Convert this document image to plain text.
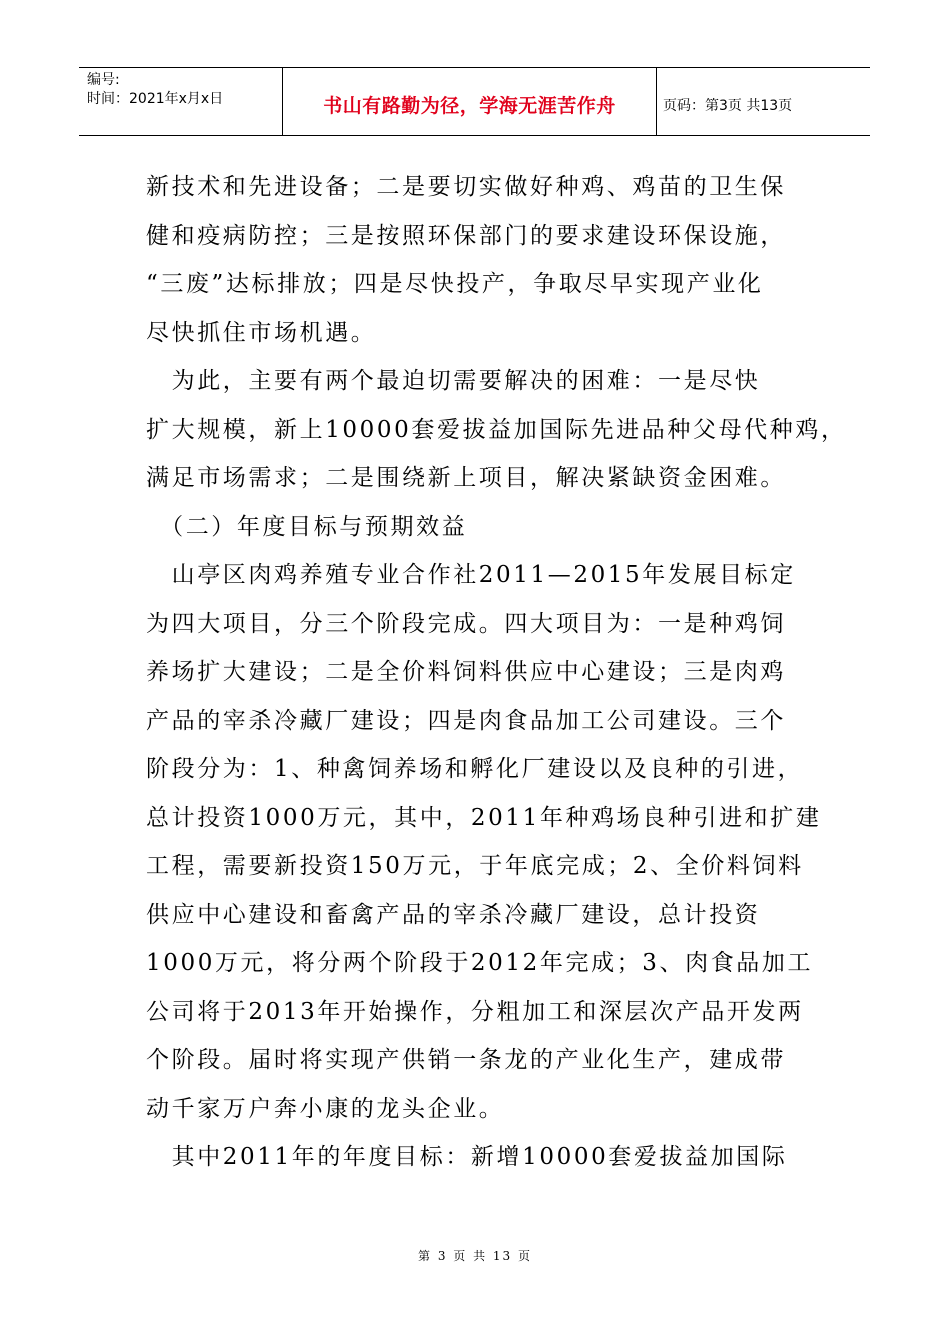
编号:
时间：2021年x月x日	书山有路勤为径，学海无涯苦作舟	页码：第3页 共13页
新技术和先进设备；二是要切实做好种鸡、鸡苗的卫生保
健和疫病防控；三是按照环保部门的要求建设环保设施，
“三废”达标排放；四是尽快投产，争取尽早实现产业化
尽快抓住市场机遇。
　为此，主要有两个最迫切需要解决的困难：一是尽快
扩大规模，新上10000套爱拔益加国际先进品种父母代种鸡，
满足市场需求；二是围绕新上项目，解决紧缺资金困难。
　（二）年度目标与预期效益
　山亭区肉鸡养殖专业合作社2011—2015年发展目标定
为四大项目，分三个阶段完成。四大项目为：一是种鸡饲
养场扩大建设；二是全价料饲料供应中心建设；三是肉鸡
产品的宰杀冷藏厂建设；四是肉食品加工公司建设。三个
阶段分为：1、种禽饲养场和孵化厂建设以及良种的引进，
总计投资1000万元，其中，2011年种鸡场良种引进和扩建
工程，需要新投资150万元，于年底完成；2、全价料饲料
供应中心建设和畜禽产品的宰杀冷藏厂建设，总计投资
1000万元，将分两个阶段于2012年完成；3、肉食品加工
公司将于2013年开始操作，分粗加工和深层次产品开发两
个阶段。届时将实现产供销一条龙的产业化生产，建成带
动千家万户奔小康的龙头企业。
　其中2011年的年度目标：新增10000套爱拔益加国际
第 3 页 共 13 页
